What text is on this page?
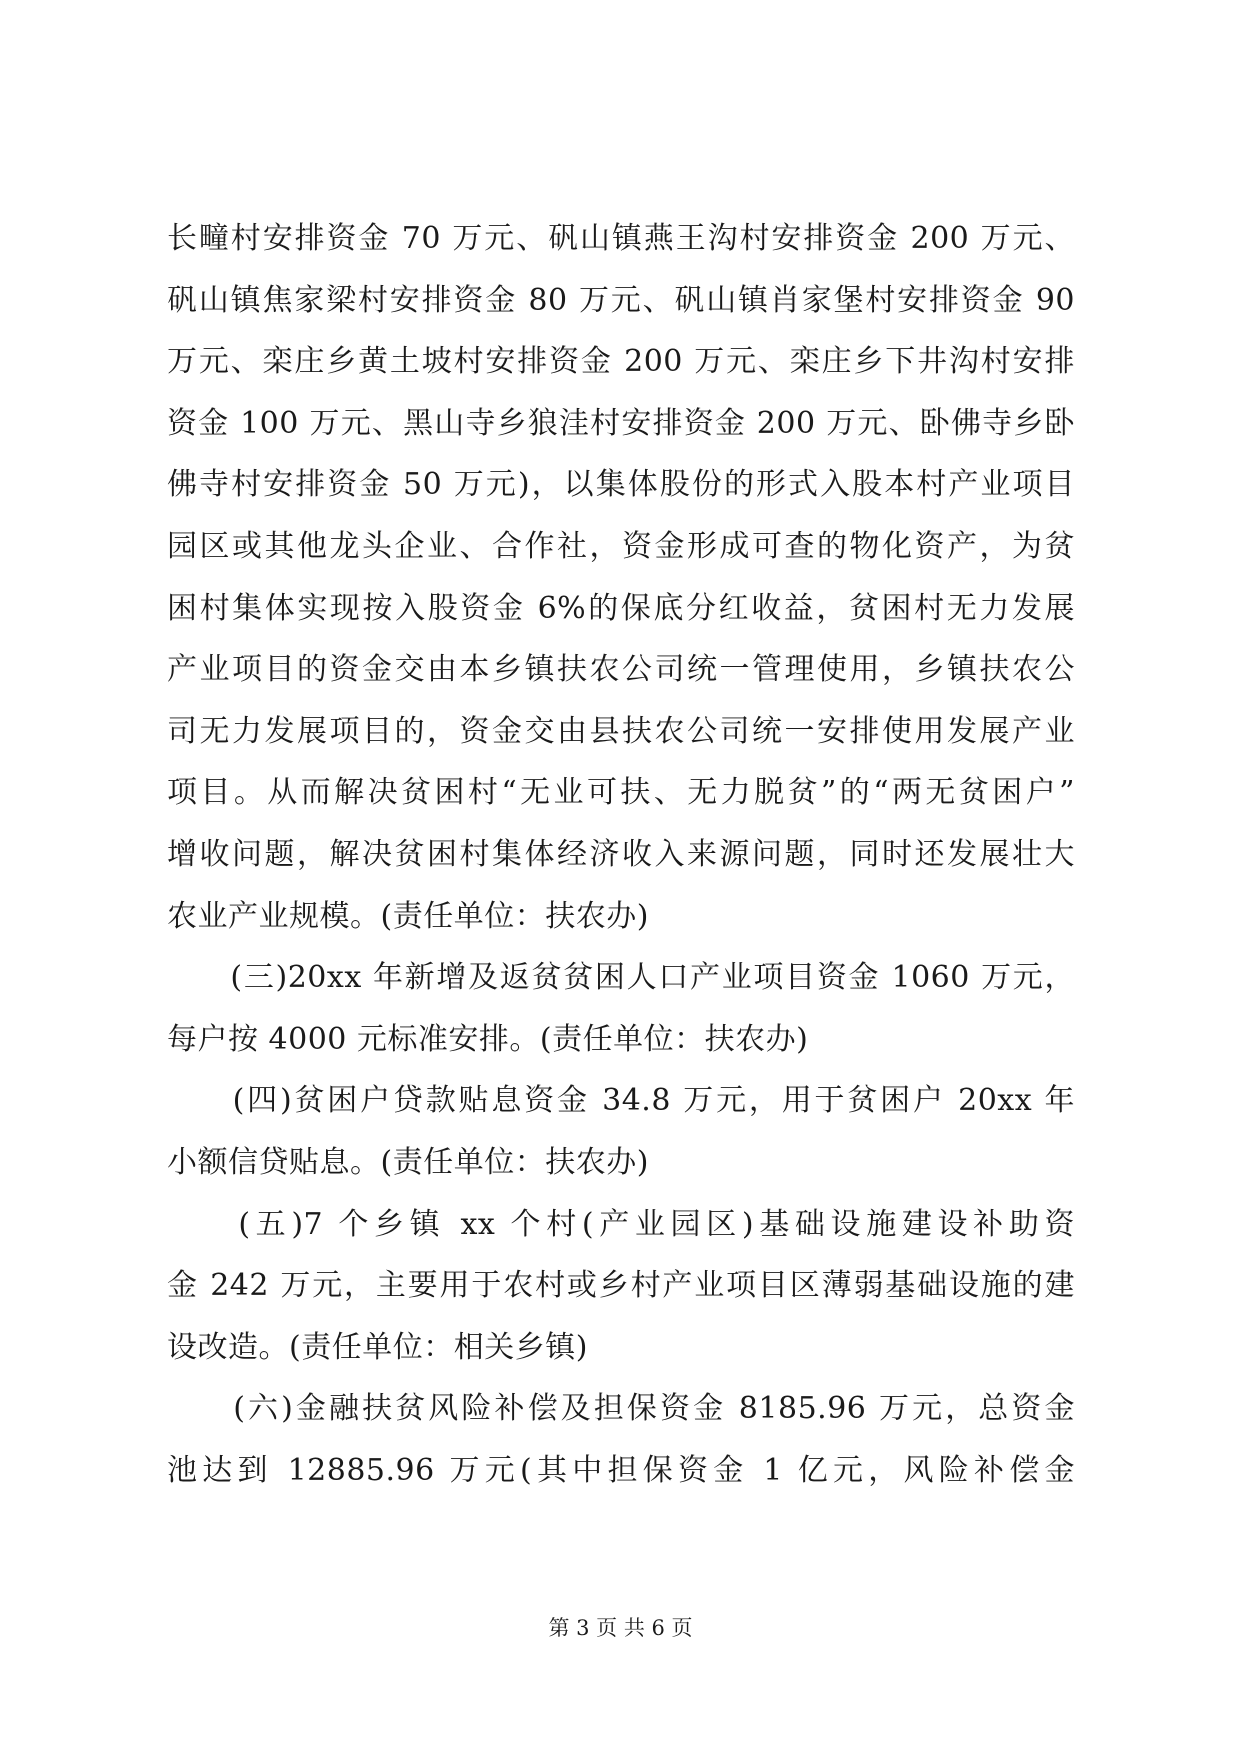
长疃村安排资金 70 万元、矾山镇燕王沟村安排资金 200 万元、
矾山镇焦家梁村安排资金 80 万元、矾山镇肖家堡村安排资金 90
万元、栾庄乡黄土坡村安排资金 200 万元、栾庄乡下井沟村安排
资金 100 万元、黑山寺乡狼洼村安排资金 200 万元、卧佛寺乡卧
佛寺村安排资金 50 万元)，以集体股份的形式入股本村产业项目
园区或其他龙头企业、合作社，资金形成可查的物化资产，为贫
困村集体实现按入股资金 6%的保底分红收益，贫困村无力发展
产业项目的资金交由本乡镇扶农公司统一管理使用，乡镇扶农公
司无力发展项目的，资金交由县扶农公司统一安排使用发展产业
项目。从而解决贫困村“无业可扶、无力脱贫”的“两无贫困户”
增收问题，解决贫困村集体经济收入来源问题，同时还发展壮大
农业产业规模。(责任单位：扶农办)
　　(三)20xx 年新增及返贫贫困人口产业项目资金 1060 万元，
每户按 4000 元标准安排。(责任单位：扶农办)
　　(四)贫困户贷款贴息资金 34.8 万元，用于贫困户 20xx 年
小额信贷贴息。(责任单位：扶农办)
　　(五)7 个乡镇 xx 个村(产业园区)基础设施建设补助资
金 242 万元，主要用于农村或乡村产业项目区薄弱基础设施的建
设改造。(责任单位：相关乡镇)
　　(六)金融扶贫风险补偿及担保资金 8185.96 万元，总资金
池达到 12885.96 万元(其中担保资金 1 亿元，风险补偿金
第 3 页 共 6 页
